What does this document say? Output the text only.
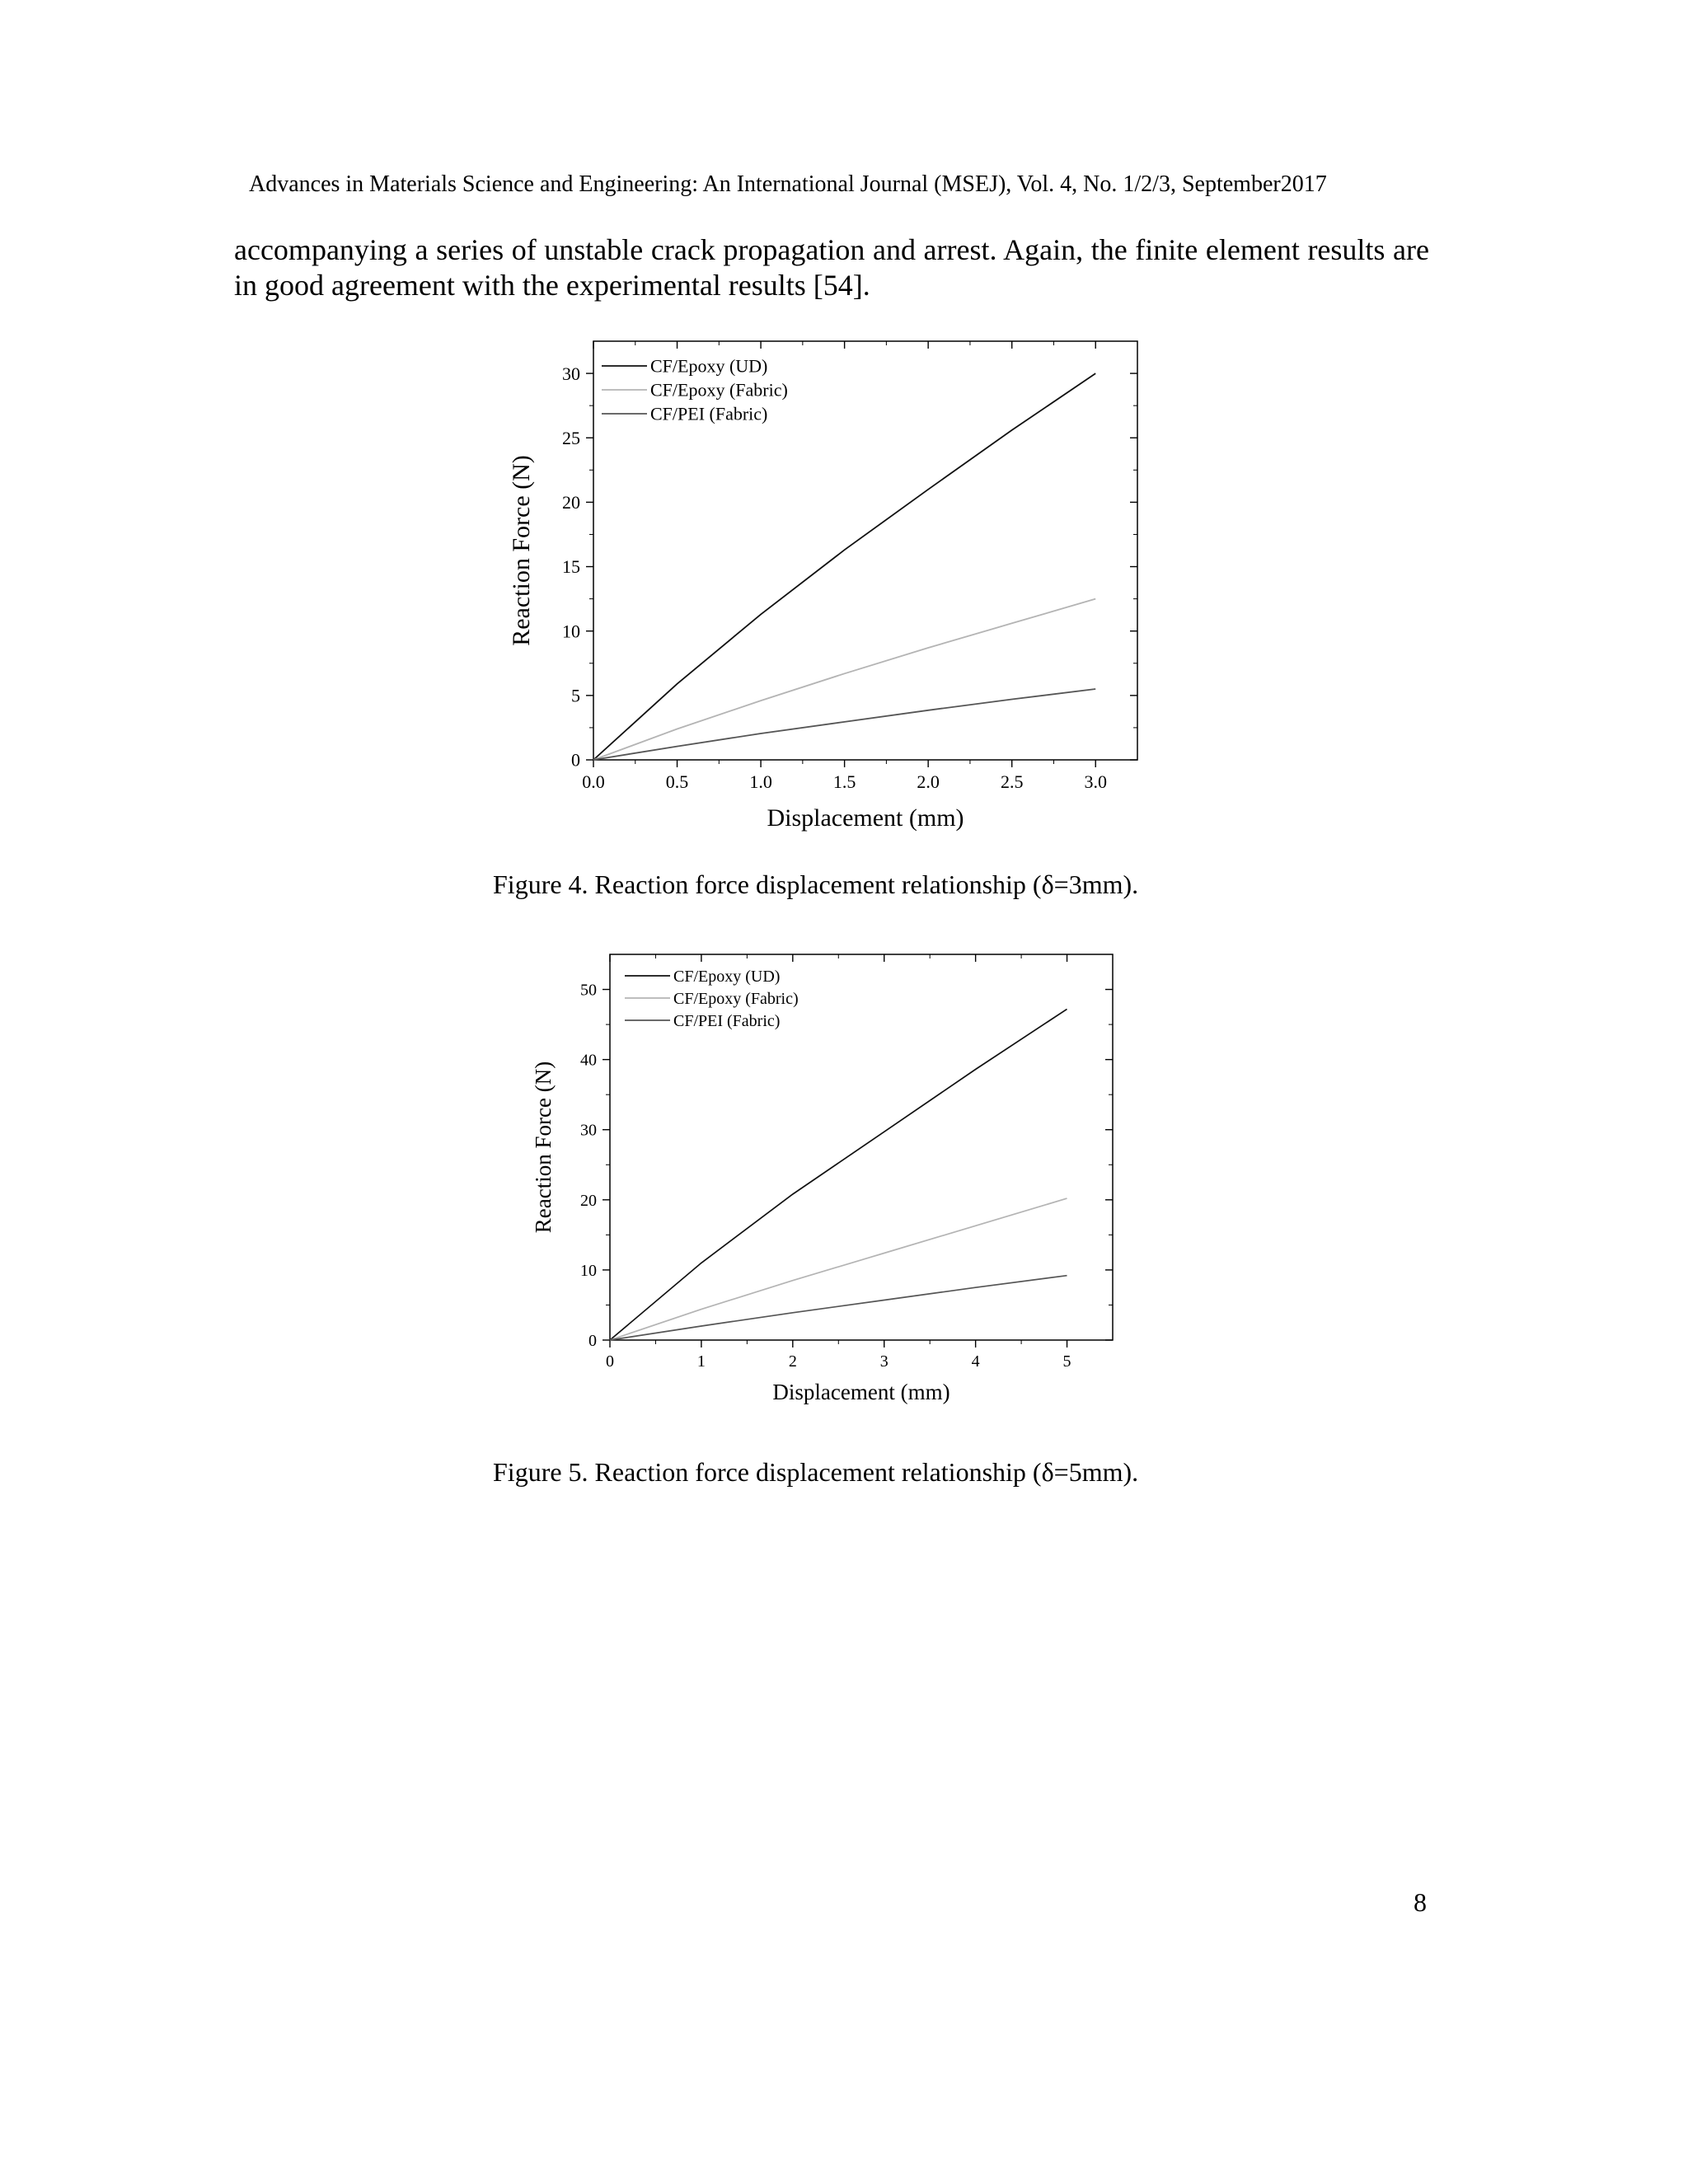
Advances in Materials Science and Engineering: An International Journal (MSEJ), Vol. 4, No. 1/2/3, September2017
accompanying a series of unstable crack propagation and arrest. Again, the finite element results are in good agreement with the experimental results [54].
0.0	0.5	1.0	1.5	2.0	2.5	3.0
0
5
10
15
20
25
30
Displacement (mm)
Reaction Force (N)
CF/Epoxy (UD)
CF/Epoxy (Fabric)
CF/PEI (Fabric)
Figure 4. Reaction force displacement relationship (δ=3mm).
0	1	2	3	4	5
0
10
20
30
40
50
Displacement (mm)
Reaction Force (N)
CF/Epoxy (UD)
CF/Epoxy (Fabric)
CF/PEI (Fabric)
Figure 5. Reaction force displacement relationship (δ=5mm).
8
